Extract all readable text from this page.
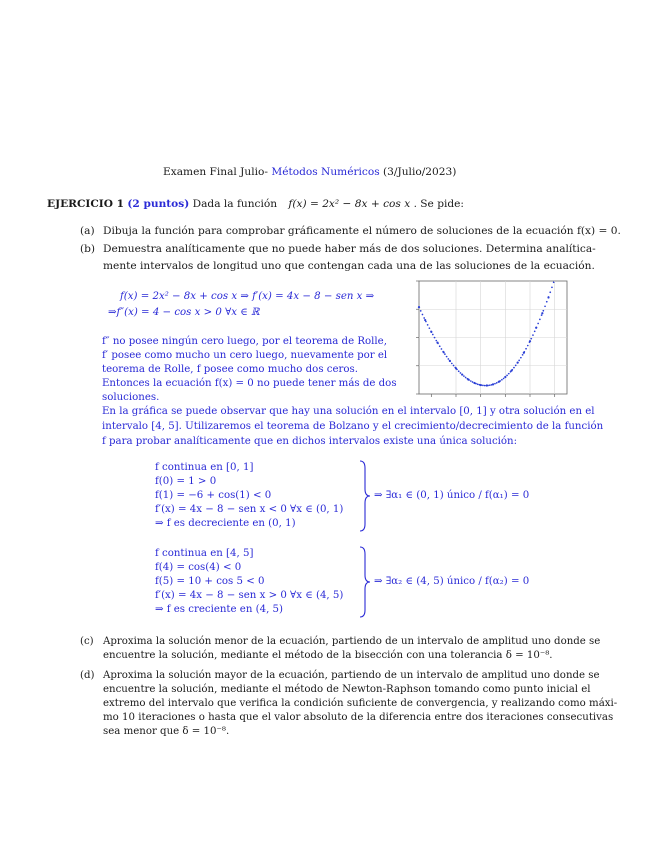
Examen Final Julio- Métodos Numéricos (3/Julio/2023)
EJERCICIO 1 (2 puntos) Dada la función f(x) = 2x² − 8x + cos x . Se pide:
(a) Dibuja la función para comprobar gráficamente el número de soluciones de la ecuación f(x) = 0.
(b) Demuestra analíticamente que no puede haber más de dos soluciones. Determina analítica-
mente intervalos de longitud uno que contengan cada una de las soluciones de la ecuación.
f(x) = 2x² − 8x + cos x ⇒ f′(x) = 4x − 8 − sen x ⇒
⇒f″(x) = 4 − cos x > 0 ∀x ∈ ℝ
f″ no posee ningún cero luego, por el teorema de Rolle,
f′ posee como mucho un cero luego, nuevamente por el
teorema de Rolle, f posee como mucho dos ceros.
Entonces la ecuación f(x) = 0 no puede tener más de dos
soluciones.
En la gráfica se puede observar que hay una solución en el intervalo [0, 1] y otra solución en el
intervalo [4, 5]. Utilizaremos el teorema de Bolzano y el crecimiento/decrecimiento de la función
f para probar analíticamente que en dichos intervalos existe una única solución:
f continua en [0, 1]
f(0) = 1 > 0
f(1) = −6 + cos(1) < 0
f′(x) = 4x − 8 − sen x < 0 ∀x ∈ (0, 1)
⇒ f es decreciente en (0, 1)
⇒ ∃α₁ ∈ (0, 1) único / f(α₁) = 0
f continua en [4, 5]
f(4) = cos(4) < 0
f(5) = 10 + cos 5 < 0
f′(x) = 4x − 8 − sen x > 0 ∀x ∈ (4, 5)
⇒ f es creciente en (4, 5)
⇒ ∃α₂ ∈ (4, 5) único / f(α₂) = 0
(c) Aproxima la solución menor de la ecuación, partiendo de un intervalo de amplitud uno donde se
encuentre la solución, mediante el método de la bisección con una tolerancia δ = 10⁻⁸.
(d) Aproxima la solución mayor de la ecuación, partiendo de un intervalo de amplitud uno donde se
encuentre la solución, mediante el método de Newton-Raphson tomando como punto inicial el
extremo del intervalo que verifica la condición suficiente de convergencia, y realizando como máxi-
mo 10 iteraciones o hasta que el valor absoluto de la diferencia entre dos iteraciones consecutivas
sea menor que δ = 10⁻⁸.
